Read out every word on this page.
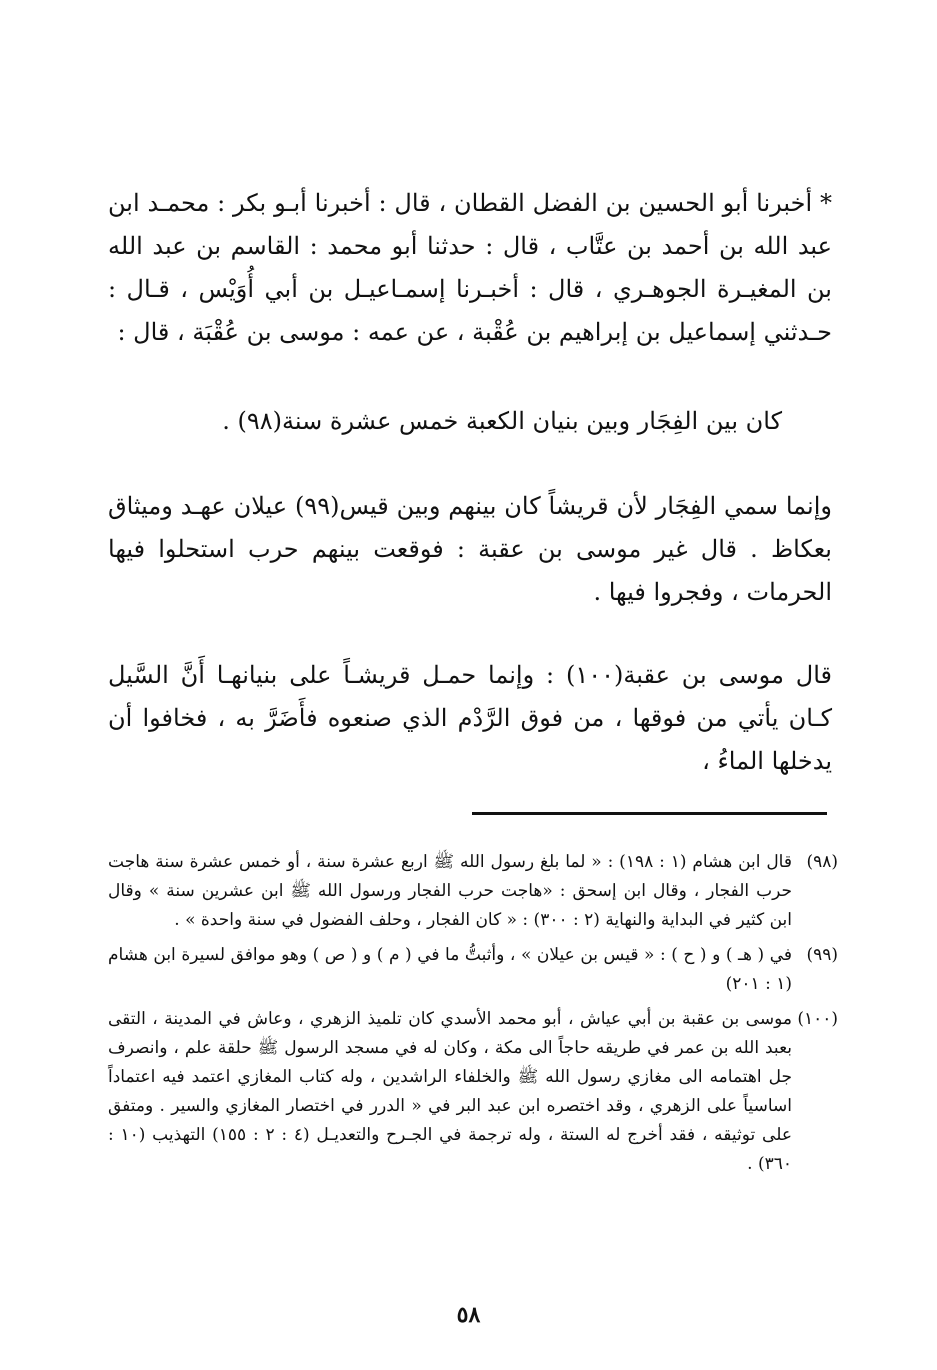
* أخبرنا أبو الحسين بن الفضل القطان ، قال : أخبرنا أبـو بكر : محمـد ابن عبد الله بن أحمد بن عتَّاب ، قال : حدثنا أبو محمد : القاسم بن عبد الله بن المغيـرة الجوهـري ، قال : أخبـرنا إسمـاعيـل بن أبي أُوَيْس ، قـال : حـدثني إسماعيل بن إبراهيم بن عُقْبة ، عن عمه : موسى بن عُقْبَة ، قال :

كان بين الفِجَار وبين بنيان الكعبة خمس عشرة سنة(٩٨) .

وإنما سمي الفِجَار لأن قريشاً كان بينهم وبين قيس(٩٩) عيلان عهـد وميثاق بعكاظ . قال غير موسى بن عقبة : فوقعت بينهم حرب استحلوا فيها الحرمات ، وفجروا فيها .

قال موسى بن عقبة(١٠٠) : وإنما حمـل قريشـاً على بنيانهـا أَنَّ السَّيل كـان يأتي من فوقها ، من فوق الرَّدْم الذي صنعوه فأَضَرَّ به ، فخافوا أن يدخلها الماءُ ،

(٩٨)
قال ابن هشام (١ : ١٩٨) : « لما بلغ رسول الله ﷺ اربع عشرة سنة ، أو خمس عشرة سنة هاجت حرب الفجار ، وقال ابن إسحق : «هاجت حرب الفجار ورسول الله ﷺ ابن عشرين سنة » وقال ابن كثير في البداية والنهاية (٢ : ٣٠٠) : « كان الفجار ، وحلف الفضول في سنة واحدة » .
(٩٩)
في ( هـ ) و ( ح ) : « قيس بن عيلان » ، وأثبتُّ ما في ( م ) و ( ص ) وهو موافق لسيرة ابن هشام (١ : ٢٠١)
(١٠٠)
موسى بن عقبة بن أبي عياش ، أبو محمد الأسدي كان تلميذ الزهري ، وعاش في المدينة ، التقى بعبد الله بن عمر في طريقه حاجاً الى مكة ، وكان له في مسجد الرسول ﷺ حلقة علم ، وانصرف جل اهتمامه الى مغازي رسول الله ﷺ والخلفاء الراشدين ، وله كتاب المغازي اعتمد فيه اعتماداً اساسياً على الزهري ، وقد اختصره ابن عبد البر في « الدرر في اختصار المغازي والسير . ومتفق على توثيقه ، فقد أخرج له الستة ، وله ترجمة في الجـرح والتعديـل (٤ : ٢ : ١٥٥) التهذيب (١٠ : ٣٦٠) .
٥٨
